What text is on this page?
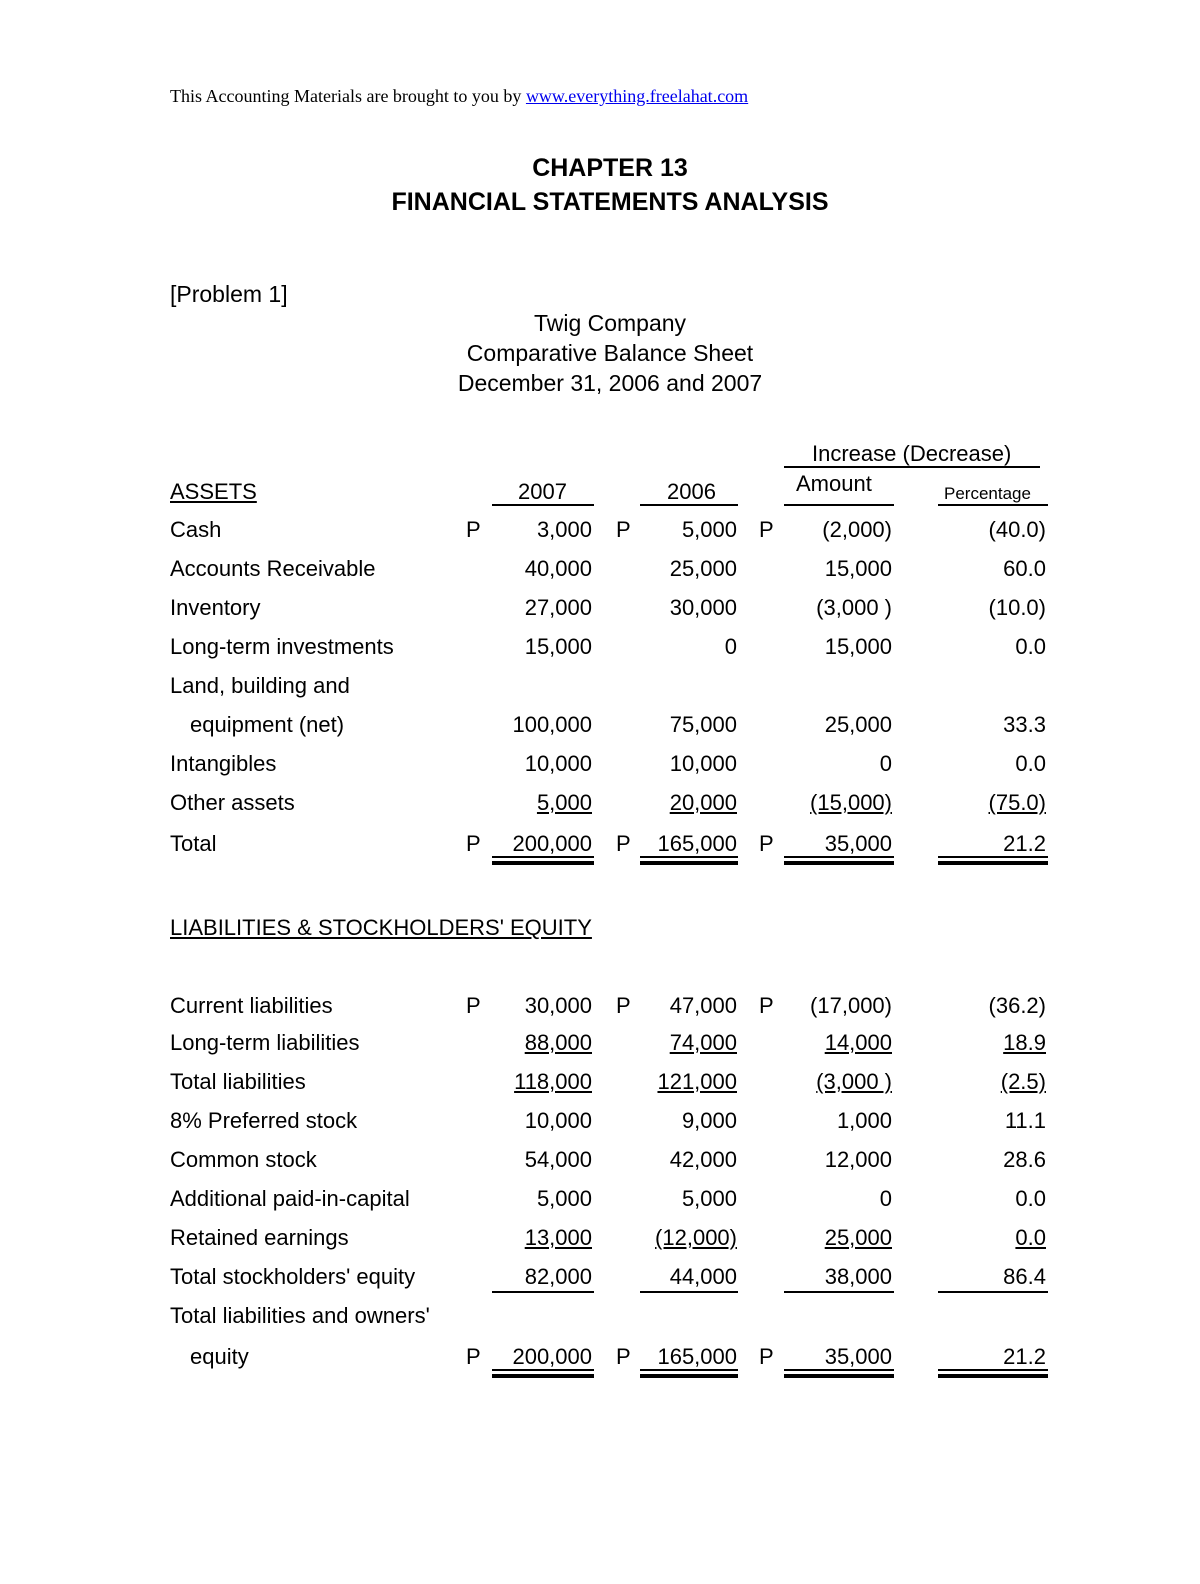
This Accounting Materials are brought to you by www.everything.freelahat.com
CHAPTER 13
FINANCIAL STATEMENTS ANALYSIS
[Problem 1]
Twig Company
Comparative Balance Sheet
December 31, 2006 and 2007
Increase (Decrease)
Amount	Percentage
ASSETS	2007	2006
Cash	3,000	5,000	(2,000)	(40.0)
P	P	P
Accounts Receivable	40,000	25,000	15,000	60.0
Inventory	27,000	30,000	(3,000 )	(10.0)
Long-term investments	15,000	0	15,000	0.0
Land, building and
equipment (net)	100,000	75,000	25,000	33.3
Intangibles	10,000	10,000	0	0.0
Other assets	5,000	20,000	(15,000)	(75.0)
Total	200,000	165,000	35,000	21.2
P	P	P
LIABILITIES & STOCKHOLDERS' EQUITY
Current liabilities	30,000	47,000	(17,000)	(36.2)
P	P	P
Long-term liabilities	88,000	74,000	14,000	18.9
Total liabilities	118,000	121,000	(3,000 )	(2.5)
8% Preferred stock	10,000	9,000	1,000	11.1
Common stock	54,000	42,000	12,000	28.6
Additional paid-in-capital	5,000	5,000	0	0.0
Retained earnings	13,000	(12,000)	25,000	0.0
Total stockholders' equity	82,000	44,000	38,000	86.4
Total liabilities and owners'
equity	200,000	165,000	35,000	21.2
P	P	P
